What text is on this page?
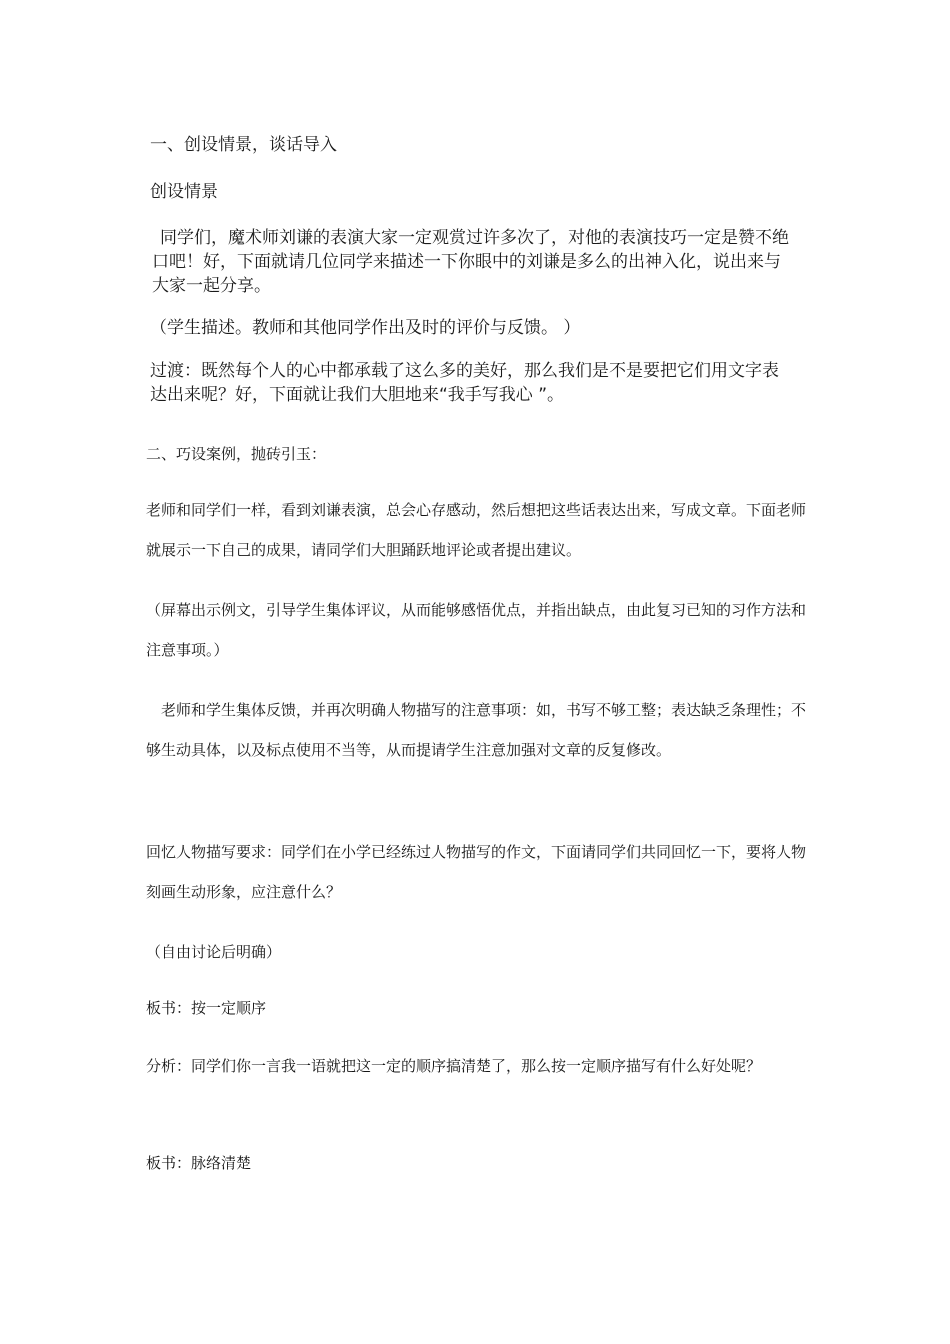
一、创设情景，谈话导入

创设情景

同学们，魔术师刘谦的表演大家一定观赏过许多次了，对他的表演技巧一定是赞不绝口吧！好，下面就请几位同学来描述一下你眼中的刘谦是多么的出神入化，说出来与大家一起分享。

（学生描述。教师和其他同学作出及时的评价与反馈。 ）

过渡：既然每个人的心中都承载了这么多的美好，那么我们是不是要把它们用文字表达出来呢？好，下面就让我们大胆地来“我手写我心 ”。

二、巧设案例，抛砖引玉：

老师和同学们一样，看到刘谦表演，总会心存感动，然后想把这些话表达出来，写成文章。下面老师就展示一下自己的成果，请同学们大胆踊跃地评论或者提出建议。

（屏幕出示例文，引导学生集体评议，从而能够感悟优点，并指出缺点，由此复习已知的习作方法和注意事项。）

老师和学生集体反馈，并再次明确人物描写的注意事项：如，书写不够工整；表达缺乏条理性；不够生动具体，以及标点使用不当等，从而提请学生注意加强对文章的反复修改。

回忆人物描写要求：同学们在小学已经练过人物描写的作文，下面请同学们共同回忆一下，要将人物刻画生动形象，应注意什么？

（自由讨论后明确）

板书：按一定顺序

分析：同学们你一言我一语就把这一定的顺序搞清楚了，那么按一定顺序描写有什么好处呢？

板书：脉络清楚
